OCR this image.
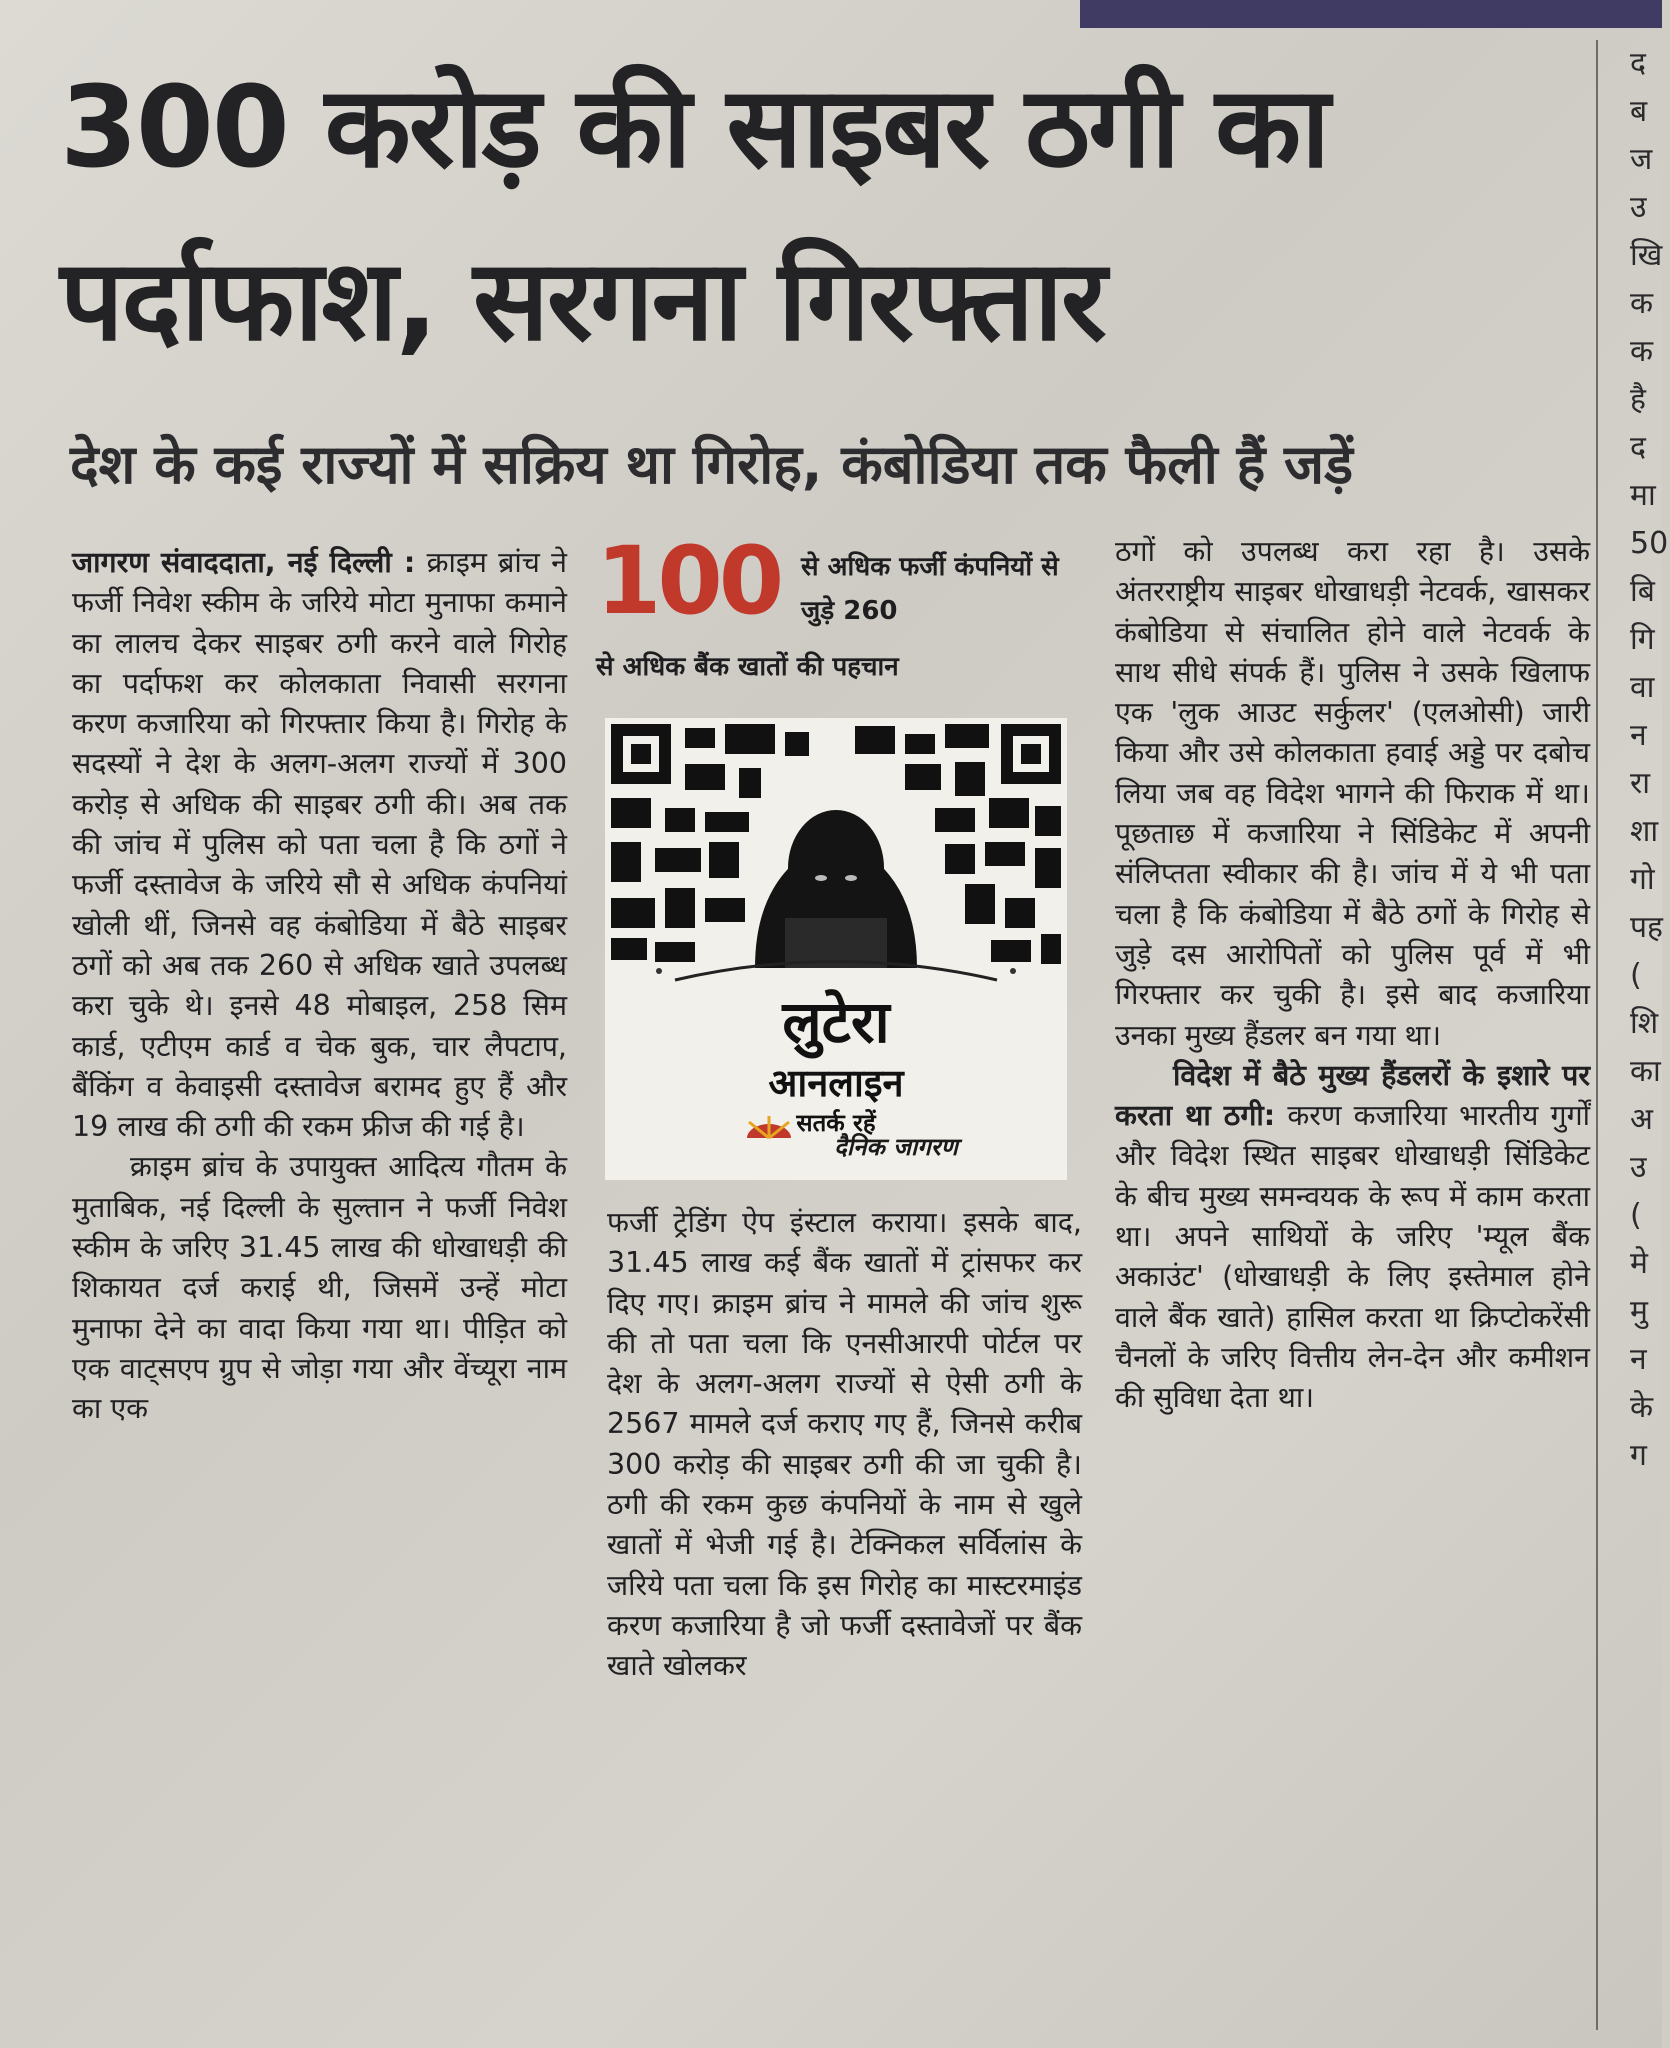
300 करोड़ की साइबर ठगी का
पर्दाफाश, सरगना गिरफ्तार
देश के कई राज्यों में सक्रिय था गिरोह, कंबोडिया तक फैली हैं जड़ें

जागरण संवाददाता, नई दिल्ली : क्राइम ब्रांच ने फर्जी निवेश स्कीम के जरिये मोटा मुनाफा कमाने का लालच देकर साइबर ठगी करने वाले गिरोह का पर्दाफश कर कोलकाता निवासी सरगना करण कजारिया को गिरफ्तार किया है। गिरोह के सदस्यों ने देश के अलग-अलग राज्यों में 300 करोड़ से अधिक की साइबर ठगी की। अब तक की जांच में पुलिस को पता चला है कि ठगों ने फर्जी दस्तावेज के जरिये सौ से अधिक कंपनियां खोली थीं, जिनसे वह कंबोडिया में बैठे साइबर ठगों को अब तक 260 से अधिक खाते उपलब्ध करा चुके थे। इनसे 48 मोबाइल, 258 सिम कार्ड, एटीएम कार्ड व चेक बुक, चार लैपटाप, बैंकिंग व केवाइसी दस्तावेज बरामद हुए हैं और 19 लाख की ठगी की रकम फ्रीज की गई है।

क्राइम ब्रांच के उपायुक्त आदित्य गौतम के मुताबिक, नई दिल्ली के सुल्तान ने फर्जी निवेश स्कीम के जरिए 31.45 लाख की धोखाधड़ी की शिकायत दर्ज कराई थी, जिसमें उन्हें मोटा मुनाफा देने का वादा किया गया था। पीड़ित को एक वाट्सएप ग्रुप से जोड़ा गया और वेंच्यूरा नाम का एक

100 से अधिक फर्जी कंपनियों से जुड़े 260
से अधिक बैंक खातों की पहचान
लुटेरा
आनलाइन
सतर्क रहें
दैनिक जागरण

फर्जी ट्रेडिंग ऐप इंस्टाल कराया। इसके बाद, 31.45 लाख कई बैंक खातों में ट्रांसफर कर दिए गए। क्राइम ब्रांच ने मामले की जांच शुरू की तो पता चला कि एनसीआरपी पोर्टल पर देश के अलग-अलग राज्यों से ऐसी ठगी के 2567 मामले दर्ज कराए गए हैं, जिनसे करीब 300 करोड़ की साइबर ठगी की जा चुकी है। ठगी की रकम कुछ कंपनियों के नाम से खुले खातों में भेजी गई है। टेक्निकल सर्विलांस के जरिये पता चला कि इस गिरोह का मास्टरमाइंड करण कजारिया है जो फर्जी दस्तावेजों पर बैंक खाते खोलकर

ठगों को उपलब्ध करा रहा है। उसके अंतरराष्ट्रीय साइबर धोखाधड़ी नेटवर्क, खासकर कंबोडिया से संचालित होने वाले नेटवर्क के साथ सीधे संपर्क हैं। पुलिस ने उसके खिलाफ एक 'लुक आउट सर्कुलर' (एलओसी) जारी किया और उसे कोलकाता हवाई अड्डे पर दबोच लिया जब वह विदेश भागने की फिराक में था। पूछताछ में कजारिया ने सिंडिकेट में अपनी संलिप्तता स्वीकार की है। जांच में ये भी पता चला है कि कंबोडिया में बैठे ठगों के गिरोह से जुड़े दस आरोपितों को पुलिस पूर्व में भी गिरफ्तार कर चुकी है। इसे बाद कजारिया उनका मुख्य हैंडलर बन गया था।

विदेश में बैठे मुख्य हैंडलरों के इशारे पर करता था ठगी: करण कजारिया भारतीय गुर्गों और विदेश स्थित साइबर धोखाधड़ी सिंडिकेट के बीच मुख्य समन्वयक के रूप में काम करता था। अपने साथियों के जरिए 'म्यूल बैंक अकाउंट' (धोखाधड़ी के लिए इस्तेमाल होने वाले बैंक खाते) हासिल करता था क्रिप्टोकरेंसी चैनलों के जरिए वित्तीय लेन-देन और कमीशन की सुविधा देता था।

द
ब
ज
उ
खि
क
क
है
द
मा
50
बि
गि
वा
न
रा
शा
गो
पह
(
शि
का
अ
उ
(
मे
मु
न
के
ग
